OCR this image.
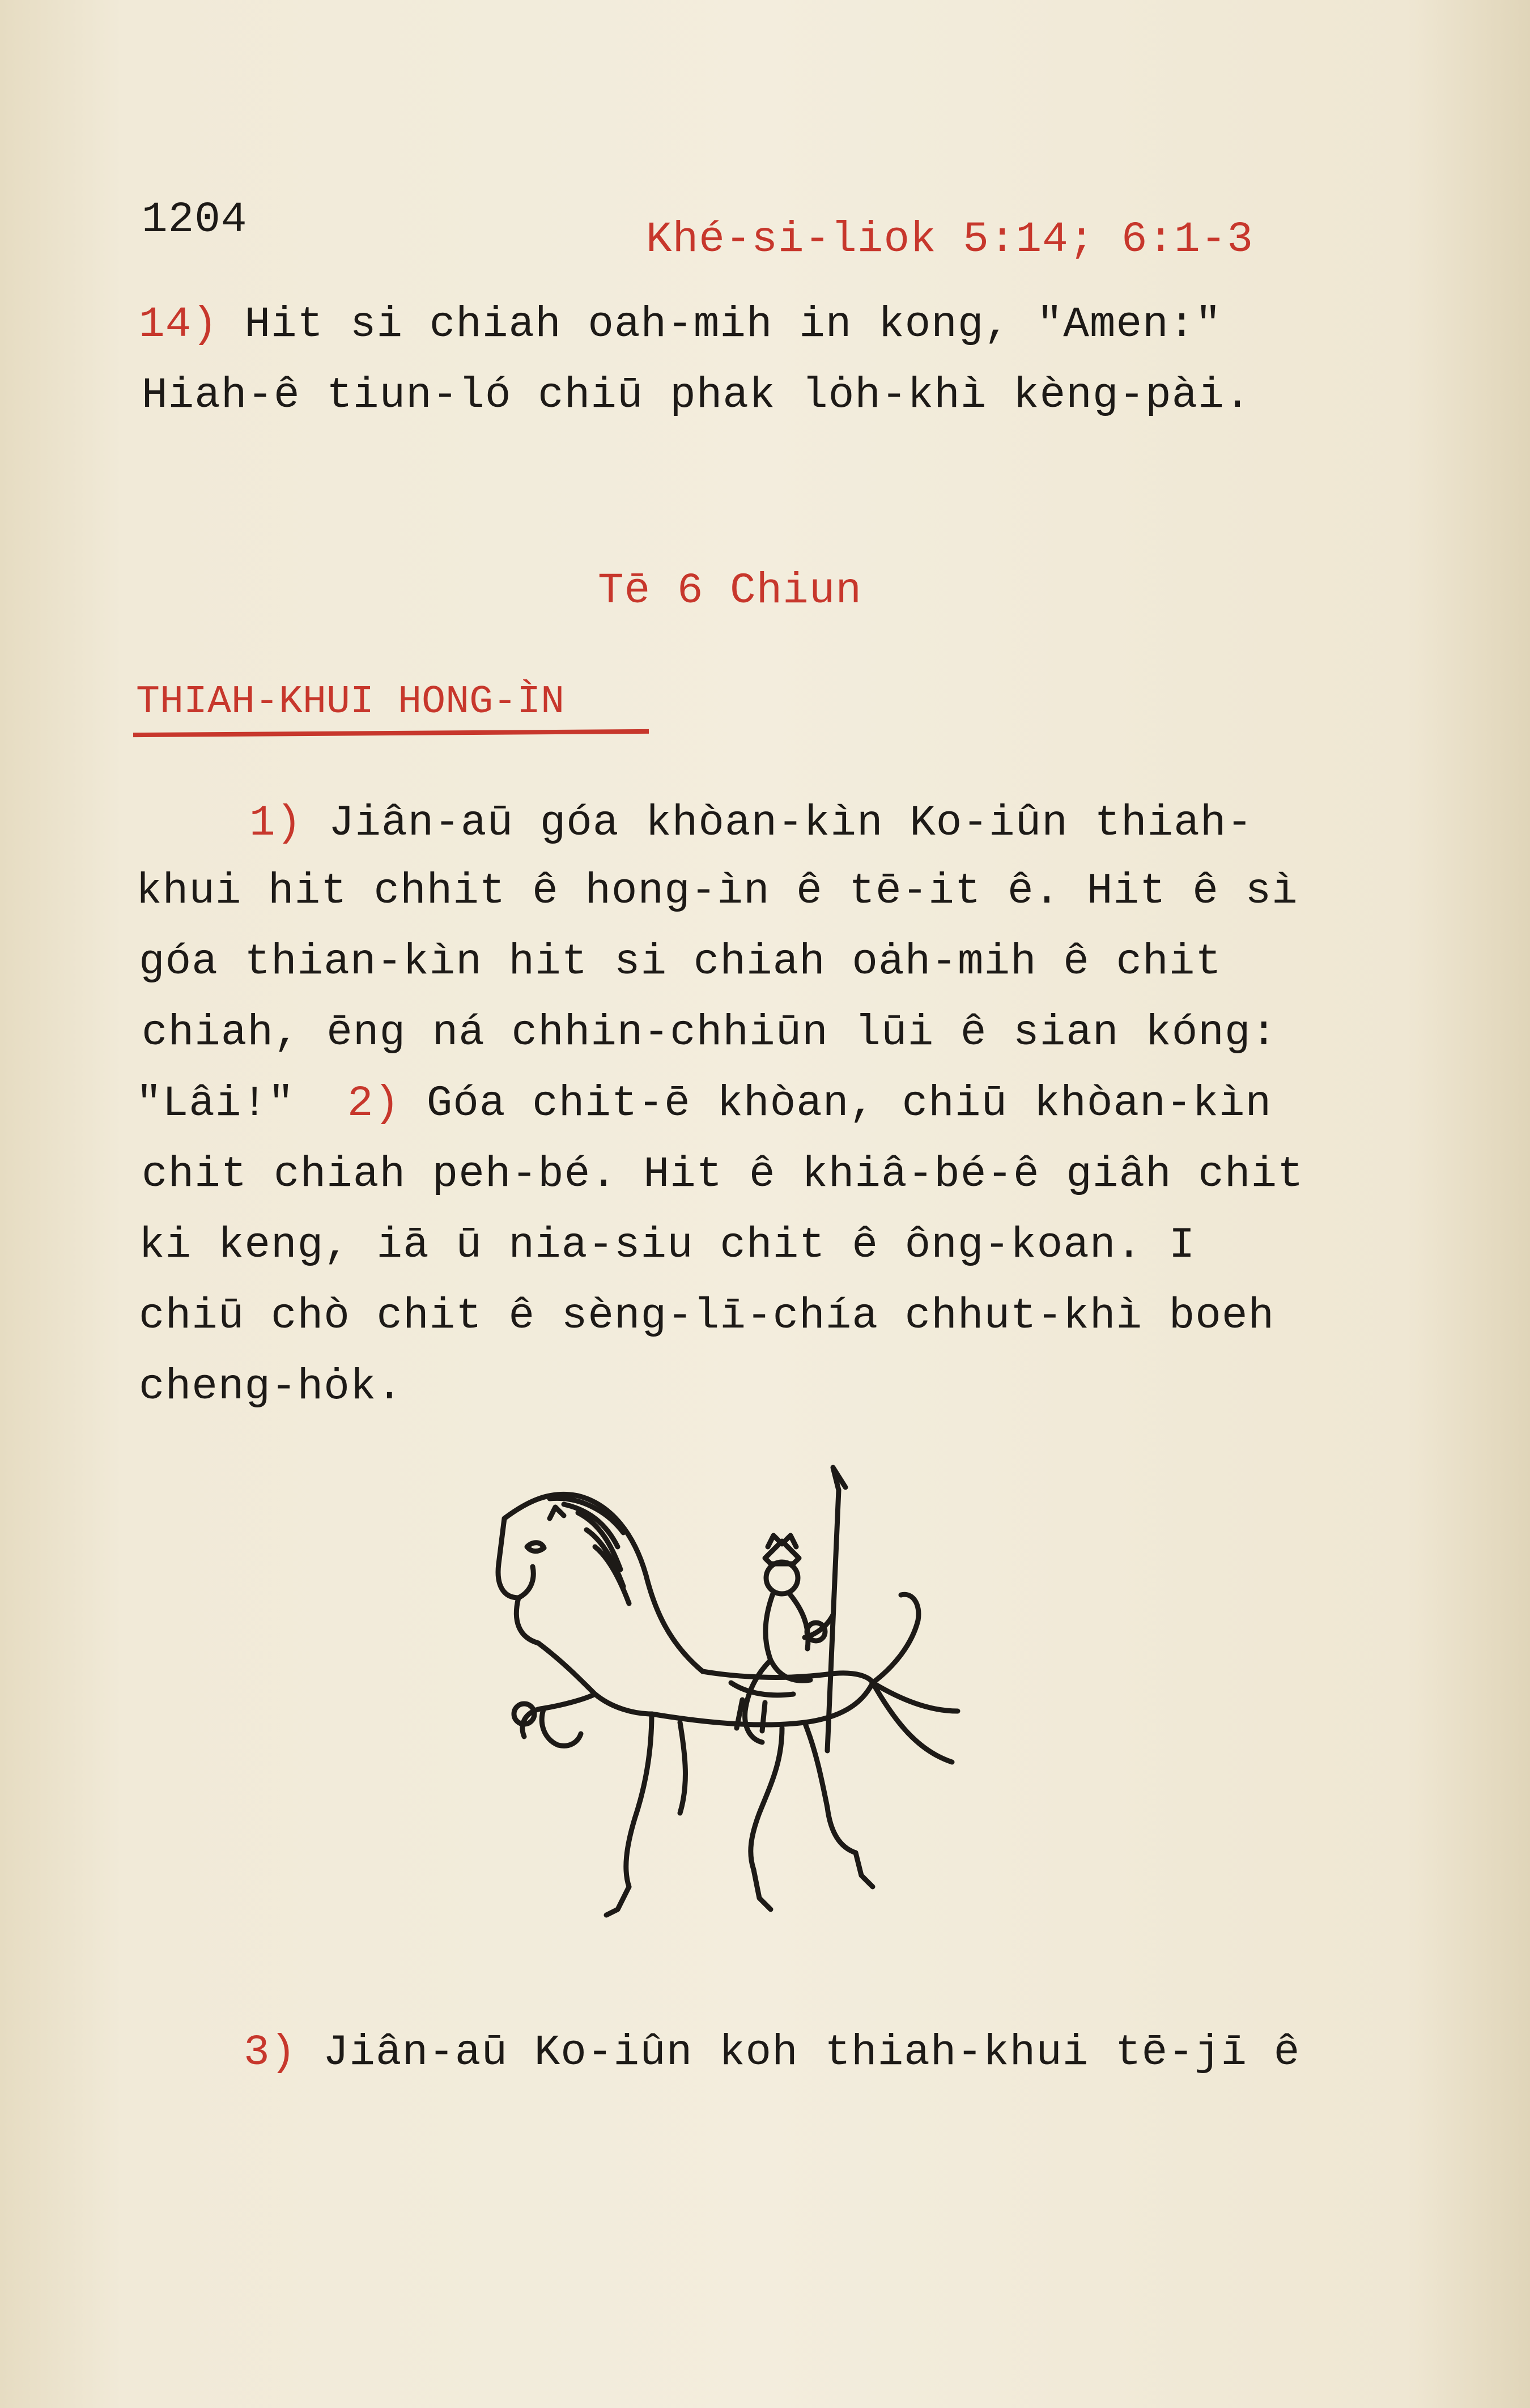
1204	Khé-si-liok 5:14; 6:1-3
14) Hit si chiah oah-mih in kong, "Amen:"
Hiah-ê tiun-ló chiū phak lȯh-khì kèng-pài.
Tē 6 Chiun
THIAH-KHUI HONG-ÌN
1) Jiân-aū góa khòan-kìn Ko-iûn thiah-
khui hit chhit ê hong-ìn ê tē-it ê. Hit ê sì
góa thian-kìn hit si chiah oȧh-mih ê chit
chiah, ēng ná chhin-chhiūn lūi ê sian kóng:
"Lâi!" 2) Góa chit-ē khòan, chiū khòan-kìn
chit chiah peh-bé. Hit ê khiâ-bé-ê giâh chit
ki keng, iā ū nia-siu chit ê ông-koan. I
chiū chò chit ê sèng-lī-chía chhut-khì boeh
cheng-hȯk.
3) Jiân-aū Ko-iûn koh thiah-khui tē-jī ê
